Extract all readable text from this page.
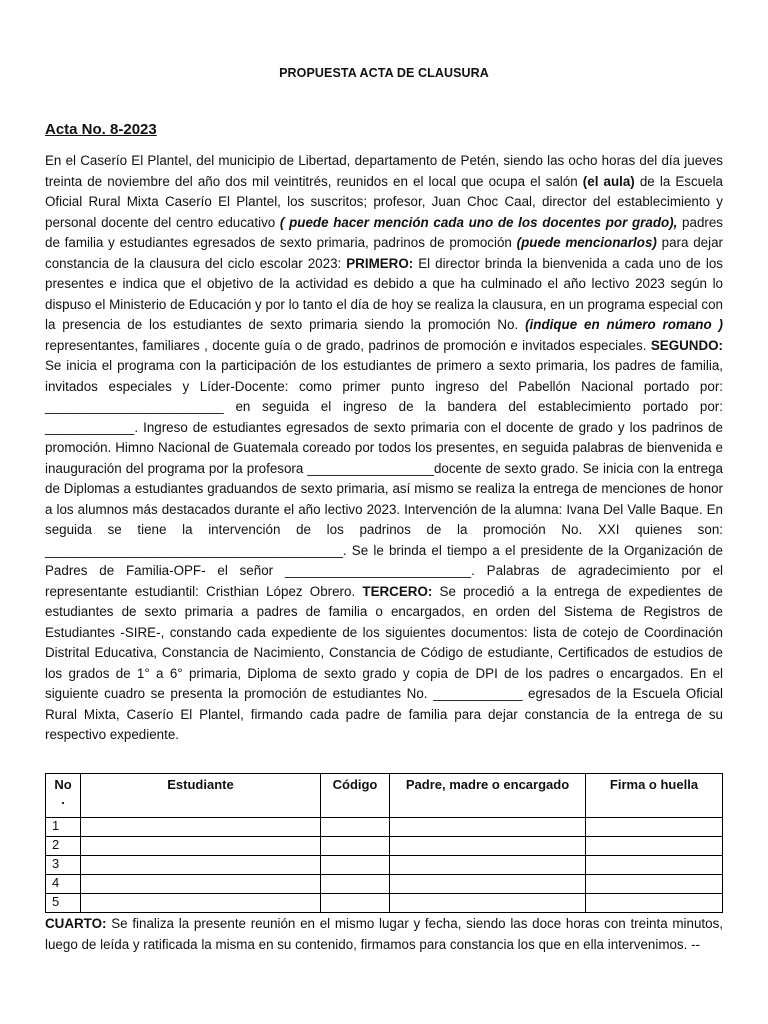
PROPUESTA ACTA DE CLAUSURA
Acta No. 8-2023

En el Caserío El Plantel, del municipio de Libertad, departamento de Petén, siendo las ocho horas del día jueves treinta de noviembre del año dos mil veintitrés, reunidos en el local que ocupa el salón (el aula) de la Escuela Oficial Rural Mixta Caserío El Plantel, los suscritos; profesor, Juan Choc Caal, director del establecimiento y personal docente del centro educativo ( puede hacer mención cada uno de los docentes por grado), padres de familia y estudiantes egresados de sexto primaria, padrinos de promoción (puede mencionarlos) para dejar constancia de la clausura del ciclo escolar 2023: PRIMERO: El director brinda la bienvenida a cada uno de los presentes e indica que el objetivo de la actividad es debido a que ha culminado el año lectivo 2023 según lo dispuso el Ministerio de Educación y por lo tanto el día de hoy se realiza la clausura, en un programa especial con la presencia de los estudiantes de sexto primaria siendo la promoción No. (indique en número romano ) representantes, familiares , docente guía o de grado, padrinos de promoción e invitados especiales. SEGUNDO: Se inicia el programa con la participación de los estudiantes de primero a sexto primaria, los padres de familia, invitados especiales y Líder-Docente: como primer punto ingreso del Pabellón Nacional portado por: ________________________ en seguida el ingreso de la bandera del establecimiento portado por: ____________. Ingreso de estudiantes egresados de sexto primaria con el docente de grado y los padrinos de promoción. Himno Nacional de Guatemala coreado por todos los presentes, en seguida palabras de bienvenida e inauguración del programa por la profesora _________________docente de sexto grado. Se inicia con la entrega de Diplomas a estudiantes graduandos de sexto primaria, así mismo se realiza la entrega de menciones de honor a los alumnos más destacados durante el año lectivo 2023. Intervención de la alumna: Ivana Del Valle Baque. En seguida se tiene la intervención de los padrinos de la promoción No. XXI quienes son: ________________________________________. Se le brinda el tiempo a el presidente de la Organización de Padres de Familia-OPF- el señor _________________________. Palabras de agradecimiento por el representante estudiantil: Cristhian López Obrero. TERCERO: Se procedió a la entrega de expedientes de estudiantes de sexto primaria a padres de familia o encargados, en orden del Sistema de Registros de Estudiantes -SIRE-, constando cada expediente de los siguientes documentos: lista de cotejo de Coordinación Distrital Educativa, Constancia de Nacimiento, Constancia de Código de estudiante, Certificados de estudios de los grados de 1° a 6° primaria, Diploma de sexto grado y copia de DPI de los padres o encargados. En el siguiente cuadro se presenta la promoción de estudiantes No. ____________ egresados de la Escuela Oficial Rural Mixta, Caserío El Plantel, firmando cada padre de familia para dejar constancia de la entrega de su respectivo expediente.

No .	Estudiante	Código	Padre, madre o encargado	Firma o huella
1				
2				
3				
4				
5				

CUARTO: Se finaliza la presente reunión en el mismo lugar y fecha, siendo las doce horas con treinta minutos, luego de leída y ratificada la misma en su contenido, firmamos para constancia los que en ella intervenimos. --
